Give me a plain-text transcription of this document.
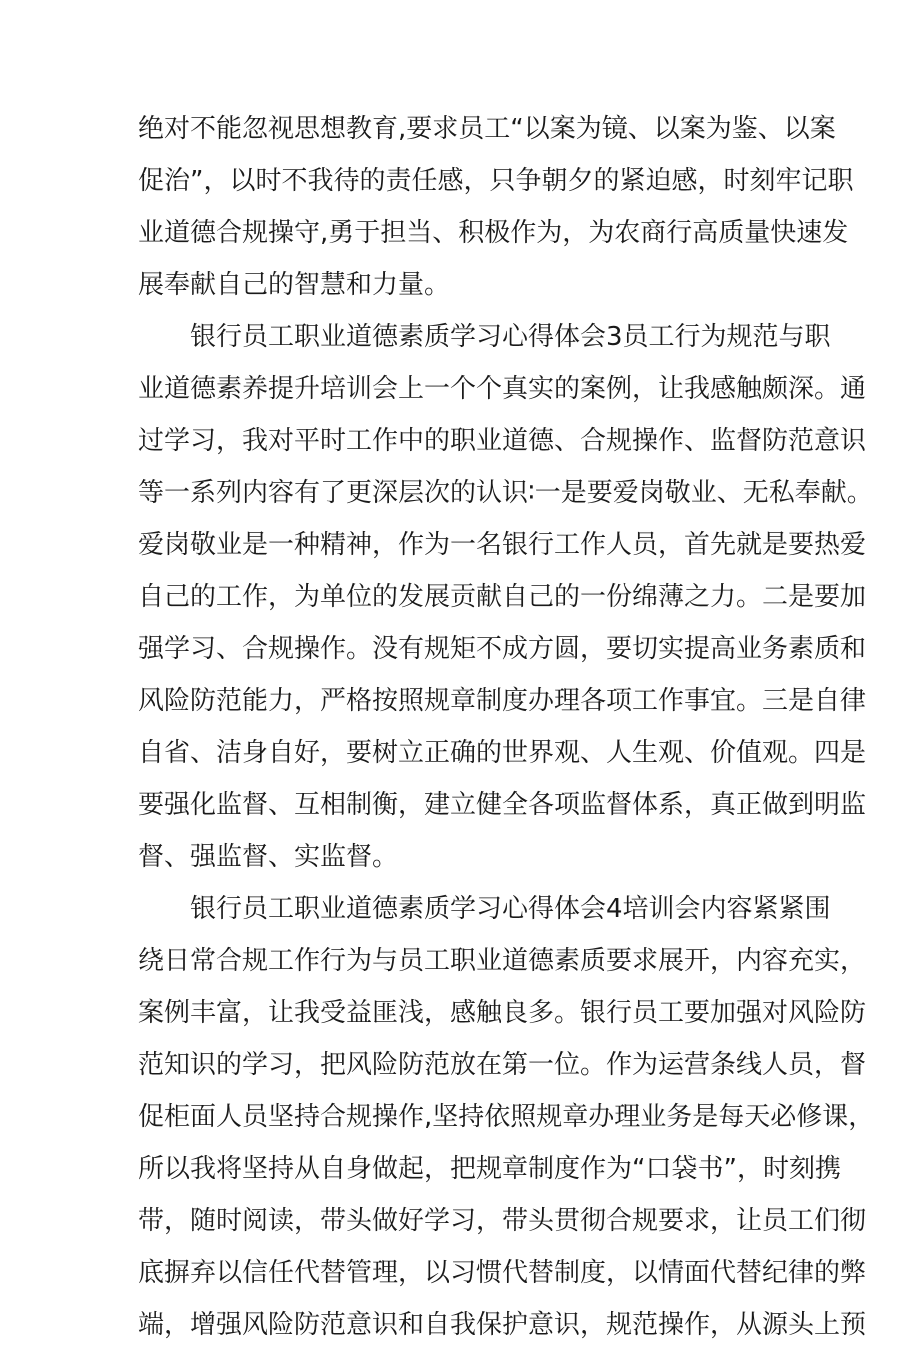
绝对不能忽视思想教育,要求员工“以案为镜、以案为鉴、以案
促治”，以时不我待的责任感，只争朝夕的紧迫感，时刻牢记职
业道德合规操守,勇于担当、积极作为，为农商行高质量快速发
展奉献自己的智慧和力量。
银行员工职业道德素质学习心得体会3员工行为规范与职
业道德素养提升培训会上一个个真实的案例，让我感触颇深。通
过学习，我对平时工作中的职业道德、合规操作、监督防范意识
等一系列内容有了更深层次的认识∶一是要爱岗敬业、无私奉献。
爱岗敬业是一种精神，作为一名银行工作人员，首先就是要热爱
自己的工作，为单位的发展贡献自己的一份绵薄之力。二是要加
强学习、合规操作。没有规矩不成方圆，要切实提高业务素质和
风险防范能力，严格按照规章制度办理各项工作事宜。三是自律
自省、洁身自好，要树立正确的世界观、人生观、价值观。四是
要强化监督、互相制衡，建立健全各项监督体系，真正做到明监
督、强监督、实监督。
银行员工职业道德素质学习心得体会4培训会内容紧紧围
绕日常合规工作行为与员工职业道德素质要求展开，内容充实，
案例丰富，让我受益匪浅，感触良多。银行员工要加强对风险防
范知识的学习，把风险防范放在第一位。作为运营条线人员，督
促柜面人员坚持合规操作,坚持依照规章办理业务是每天必修课，
所以我将坚持从自身做起，把规章制度作为“口袋书”，时刻携
带，随时阅读，带头做好学习，带头贯彻合规要求，让员工们彻
底摒弃以信任代替管理，以习惯代替制度，以情面代替纪律的弊
端，增强风险防范意识和自我保护意识，规范操作，从源头上预
